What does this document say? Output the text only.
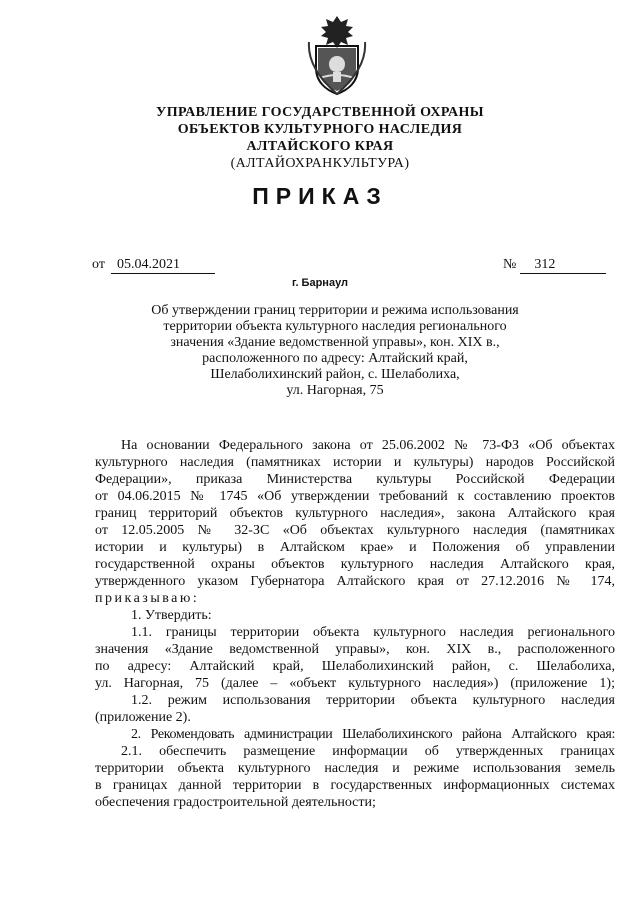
УПРАВЛЕНИЕ ГОСУДАРСТВЕННОЙ ОХРАНЫ
ОБЪЕКТОВ КУЛЬТУРНОГО НАСЛЕДИЯ
АЛТАЙСКОГО КРАЯ
(АЛТАЙОХРАНКУЛЬТУРА)
ПРИКАЗ
от 05.04.2021	№ 312
г. Барнаул
Об утверждении границ территории и режима использования
территории объекта культурного наследия регионального
значения «Здание ведомственной управы», кон. XIX в.,
расположенного по адресу: Алтайский край,
Шелаболихинский район, с. Шелаболиха,
ул. Нагорная, 75
На основании Федерального закона от 25.06.2002 № 73-ФЗ «Об объектах
культурного наследия (памятниках истории и культуры) народов Российской
Федерации», приказа Министерства культуры Российской Федерации
от 04.06.2015 № 1745 «Об утверждении требований к составлению проектов
границ территорий объектов культурного наследия», закона Алтайского края
от 12.05.2005 № 32-ЗС «Об объектах культурного наследия (памятниках
истории и культуры) в Алтайском крае» и Положения об управлении
государственной охраны объектов культурного наследия Алтайского края,
утвержденного указом Губернатора Алтайского края от 27.12.2016 № 174,
приказываю:
1. Утвердить:
1.1. границы территории объекта культурного наследия регионального
значения «Здание ведомственной управы», кон. XIX в., расположенного
по адресу: Алтайский край, Шелаболихинский район, с. Шелаболиха,
ул. Нагорная, 75 (далее – «объект культурного наследия») (приложение 1);
1.2. режим использования территории объекта культурного наследия
(приложение 2).
2. Рекомендовать администрации Шелаболихинского района Алтайского края:
2.1. обеспечить размещение информации об утвержденных границах
территории объекта культурного наследия и режиме использования земель
в границах данной территории в государственных информационных системах
обеспечения градостроительной деятельности;
